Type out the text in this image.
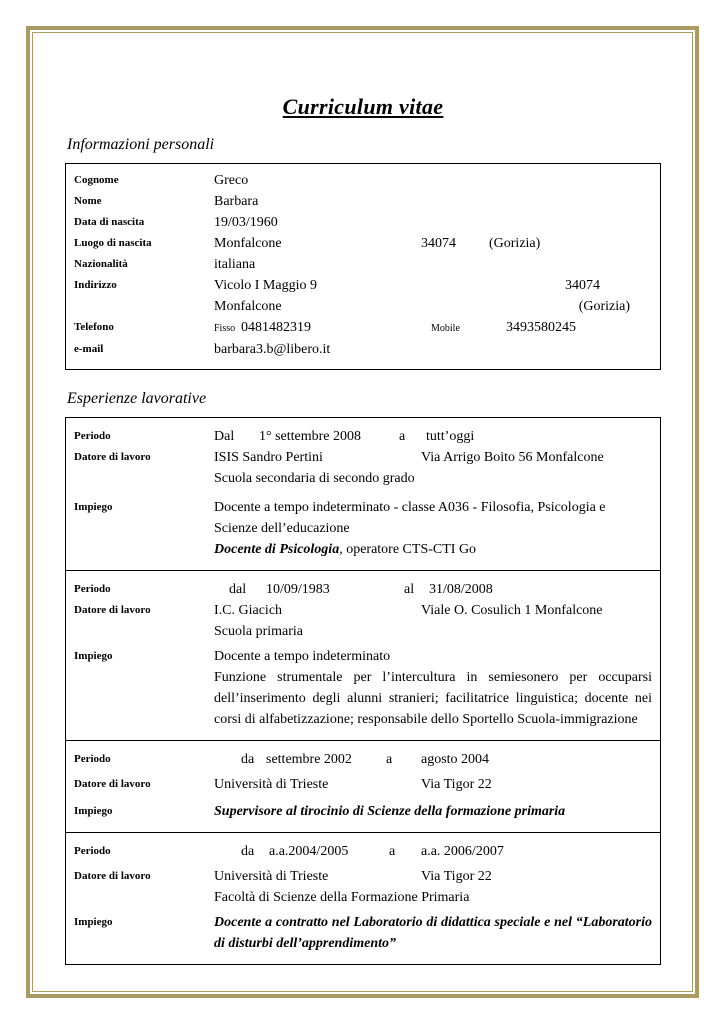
Curriculum vitae
Informazioni personali
Cognome	Greco
Nome	Barbara
Data di nascita	19/03/1960
Luogo di nascita	Monfalcone	34074	(Gorizia)
Nazionalità	italiana
Indirizzo	Vicolo I Maggio 9	34074
Monfalcone	(Gorizia)
Telefono	Fisso 0481482319	Mobile	3493580245
e-mail	barbara3.b@libero.it
Esperienze lavorative
Periodo	Dal	1° settembre 2008	a	tutt’oggi
Datore di lavoro	ISIS Sandro Pertini	Via Arrigo Boito 56 Monfalcone
Scuola secondaria di secondo grado
Impiego	Docente a tempo indeterminato - classe A036 - Filosofia, Psicologia e Scienze dell’educazione
Docente di Psicologia, operatore CTS-CTI Go
Periodo	dal	10/09/1983	al	31/08/2008
Datore di lavoro	I.C. Giacich	Viale O. Cosulich 1 Monfalcone
Scuola primaria
Impiego	Docente a tempo indeterminato
Funzione strumentale per l’intercultura in semiesonero per occuparsi dell’inserimento degli alunni stranieri; facilitatrice linguistica; docente nei corsi di alfabetizzazione; responsabile dello Sportello Scuola-immigrazione
Periodo	da settembre 2002	a	agosto 2004
Datore di lavoro	Università di Trieste	Via Tigor 22
Impiego	Supervisore al tirocinio di Scienze della formazione primaria
Periodo	da	a.a.2004/2005	a	a.a. 2006/2007
Datore di lavoro	Università di Trieste	Via Tigor 22
Facoltà di Scienze della Formazione Primaria
Impiego	Docente a contratto nel Laboratorio di didattica speciale e nel “Laboratorio di disturbi dell’apprendimento”
